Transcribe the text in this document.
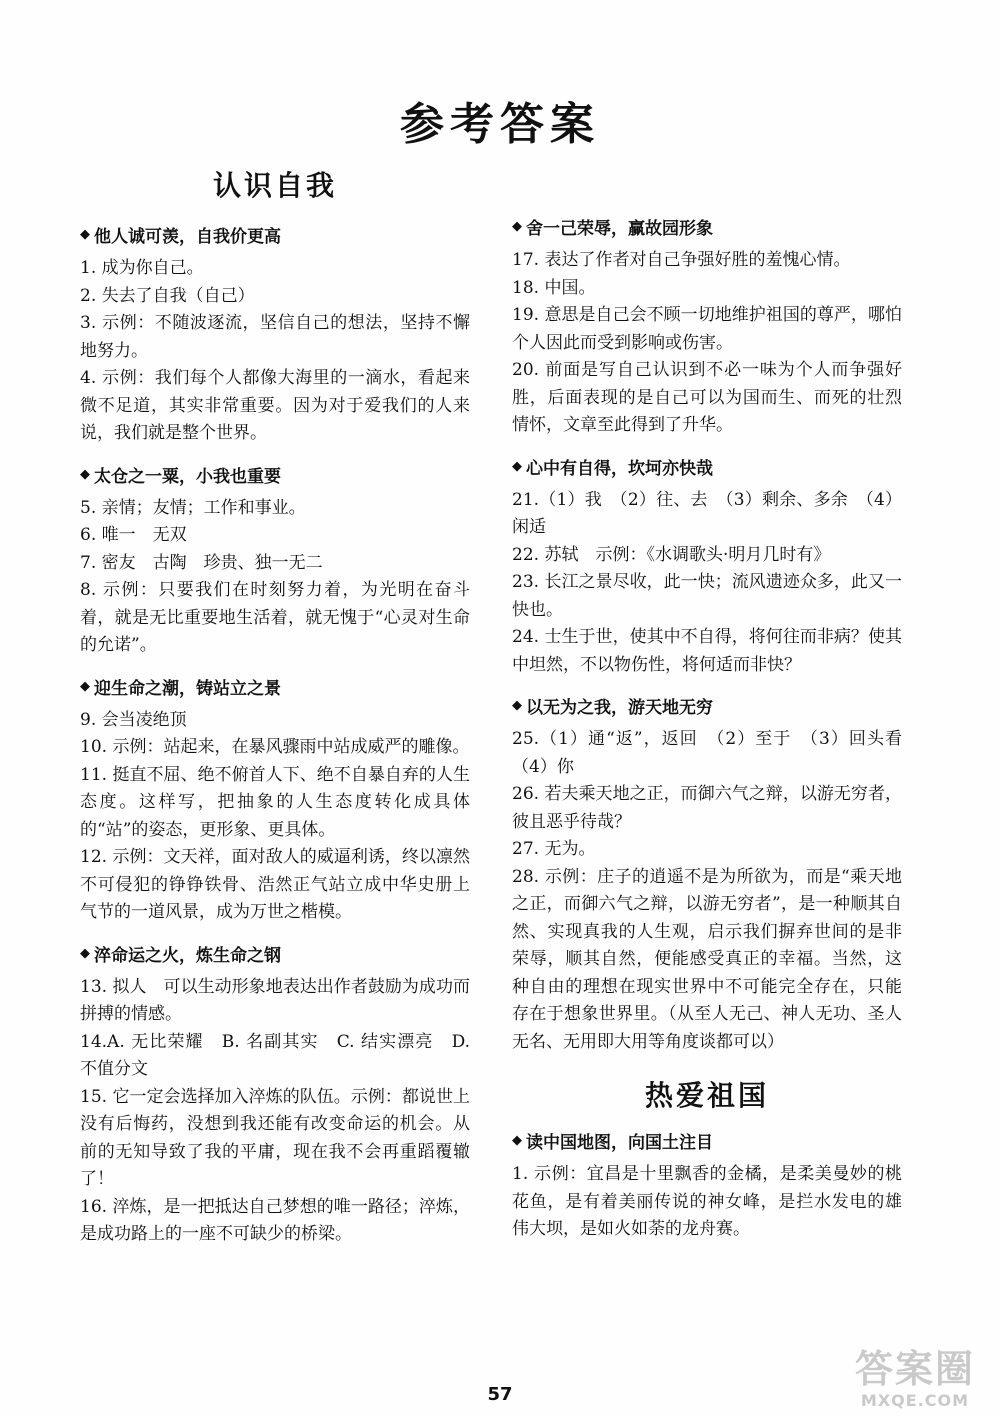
参考答案
认识自我
◆ 他人诚可羡，自我价更高

1. 成为你自己。

2. 失去了自我（自己）

3. 示例：不随波逐流，坚信自己的想法，坚持不懈地努力。

4. 示例：我们每个人都像大海里的一滴水，看起来微不足道，其实非常重要。因为对于爱我们的人来说，我们就是整个世界。

◆ 太仓之一粟，小我也重要

5. 亲情；友情；工作和事业。

6. 唯一　无双

7. 密友　古陶　珍贵、独一无二

8. 示例：只要我们在时刻努力着，为光明在奋斗着，就是无比重要地生活着，就无愧于“心灵对生命的允诺”。

◆ 迎生命之潮，铸站立之景

9. 会当凌绝顶

10. 示例：站起来，在暴风骤雨中站成威严的雕像。

11. 挺直不屈、绝不俯首人下、绝不自暴自弃的人生态度。这样写，把抽象的人生态度转化成具体的“站”的姿态，更形象、更具体。

12. 示例：文天祥，面对敌人的威逼利诱，终以凛然不可侵犯的铮铮铁骨、浩然正气站立成中华史册上气节的一道风景，成为万世之楷模。

◆ 淬命运之火，炼生命之钢

13. 拟人　可以生动形象地表达出作者鼓励为成功而拼搏的情感。

14.A. 无比荣耀　B. 名副其实　C. 结实漂亮　D. 不值分文

15. 它一定会选择加入淬炼的队伍。示例：都说世上没有后悔药，没想到我还能有改变命运的机会。从前的无知导致了我的平庸，现在我不会再重蹈覆辙了！

16. 淬炼，是一把抵达自己梦想的唯一路径；淬炼，是成功路上的一座不可缺少的桥梁。

◆ 舍一己荣辱，赢故园形象

17. 表达了作者对自己争强好胜的羞愧心情。

18. 中国。

19. 意思是自己会不顾一切地维护祖国的尊严，哪怕个人因此而受到影响或伤害。

20. 前面是写自己认识到不必一味为个人而争强好胜，后面表现的是自己可以为国而生、而死的壮烈情怀，文章至此得到了升华。

◆ 心中有自得，坎坷亦快哉

21.（1）我　（2）往、去　（3）剩余、多余　（4）闲适

22. 苏轼　示例：《水调歌头·明月几时有》

23. 长江之景尽收，此一快；流风遗迹众多，此又一快也。

24. 士生于世，使其中不自得，将何往而非病？使其中坦然，不以物伤性，将何适而非快？

◆ 以无为之我，游天地无穷

25.（1）通“返”，返回　（2）至于　（3）回头看　（4）你

26. 若夫乘天地之正，而御六气之辩，以游无穷者，彼且恶乎待哉？

27. 无为。

28. 示例：庄子的逍遥不是为所欲为，而是“乘天地之正，而御六气之辩，以游无穷者”，是一种顺其自然、实现真我的人生观，启示我们摒弃世间的是非荣辱，顺其自然，便能感受真正的幸福。当然，这种自由的理想在现实世界中不可能完全存在，只能存在于想象世界里。（从至人无己、神人无功、圣人无名、无用即大用等角度谈都可以）

热爱祖国
◆ 读中国地图，向国土注目

1. 示例：宜昌是十里飘香的金橘，是柔美曼妙的桃花鱼，是有着美丽传说的神女峰，是拦水发电的雄伟大坝，是如火如荼的龙舟赛。

57
答案圈
MXQE.COM
